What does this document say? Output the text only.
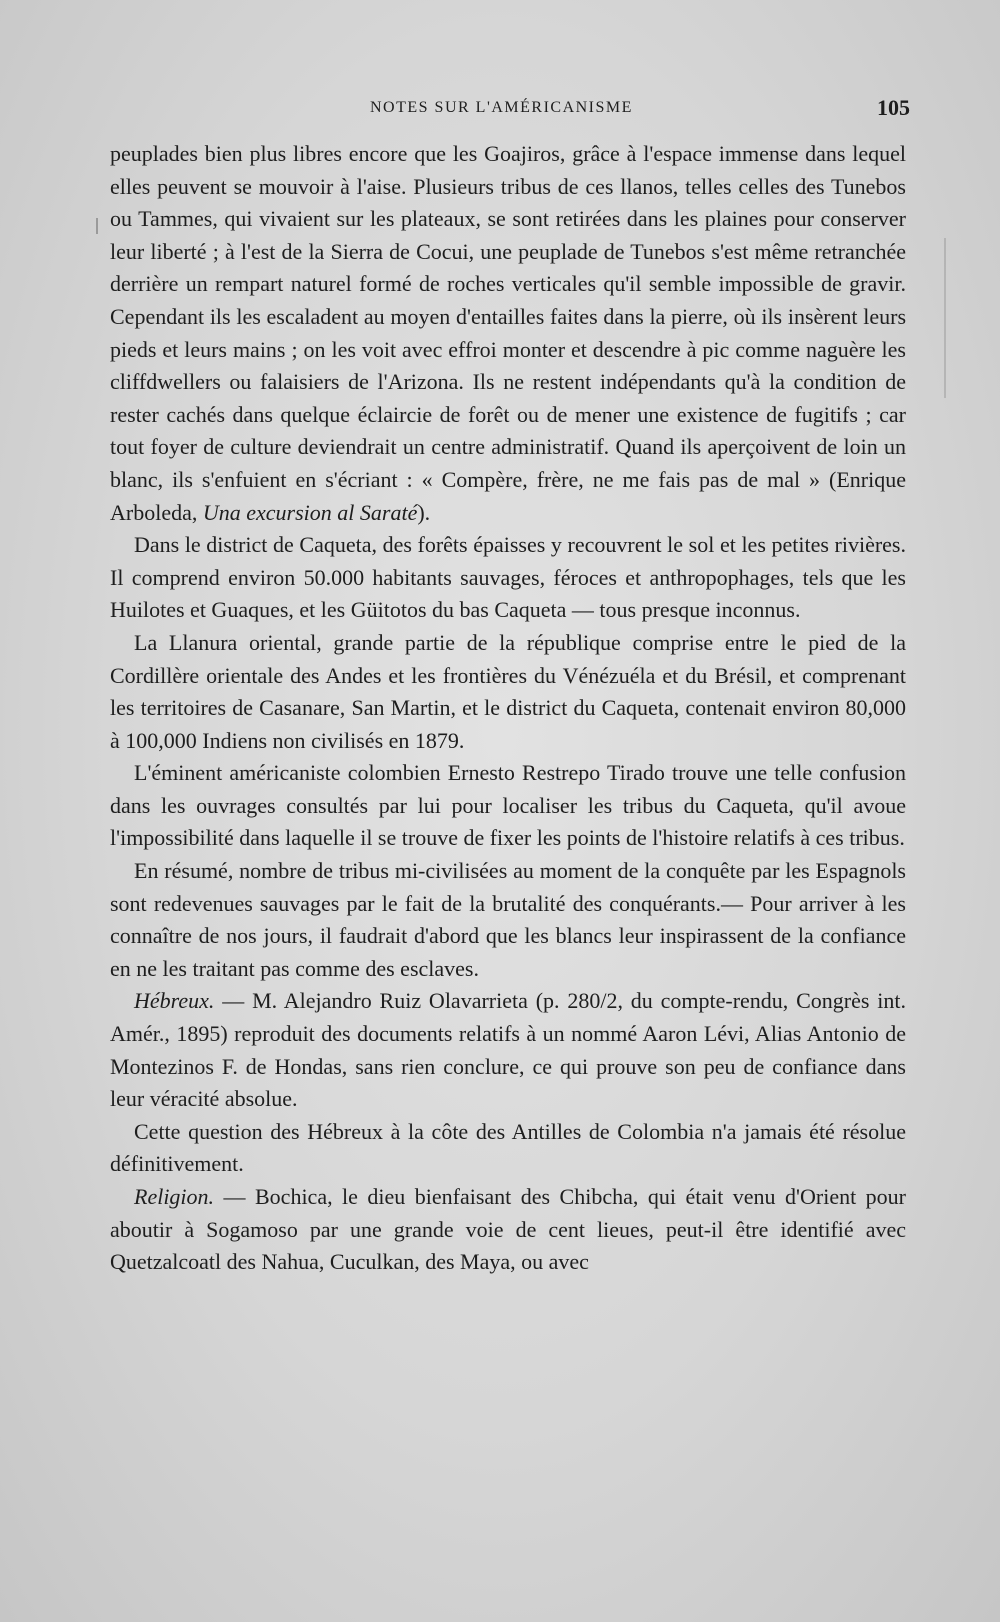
NOTES SUR L'AMÉRICANISME	105

peuplades bien plus libres encore que les Goajiros, grâce à l'espace immense dans lequel elles peuvent se mouvoir à l'aise. Plusieurs tribus de ces llanos, telles celles des Tunebos ou Tammes, qui vivaient sur les plateaux, se sont retirées dans les plaines pour conserver leur liberté ; à l'est de la Sierra de Cocui, une peuplade de Tunebos s'est même retranchée derrière un rempart naturel formé de roches verticales qu'il semble impossible de gravir. Cependant ils les escaladent au moyen d'entailles faites dans la pierre, où ils insèrent leurs pieds et leurs mains ; on les voit avec effroi monter et descendre à pic comme naguère les cliffdwellers ou falaisiers de l'Arizona. Ils ne restent indépendants qu'à la condition de rester cachés dans quelque éclaircie de forêt ou de mener une existence de fugitifs ; car tout foyer de culture deviendrait un centre administratif. Quand ils aperçoivent de loin un blanc, ils s'enfuient en s'écriant : « Compère, frère, ne me fais pas de mal » (Enrique Arboleda, Una excursion al Saraté).

Dans le district de Caqueta, des forêts épaisses y recouvrent le sol et les petites rivières. Il comprend environ 50.000 habitants sauvages, féroces et anthropophages, tels que les Huilotes et Guaques, et les Güitotos du bas Caqueta — tous presque inconnus.

La Llanura oriental, grande partie de la république comprise entre le pied de la Cordillère orientale des Andes et les frontières du Vénézuéla et du Brésil, et comprenant les territoires de Casanare, San Martin, et le district du Caqueta, contenait environ 80,000 à 100,000 Indiens non civilisés en 1879.

L'éminent américaniste colombien Ernesto Restrepo Tirado trouve une telle confusion dans les ouvrages consultés par lui pour localiser les tribus du Caqueta, qu'il avoue l'impossibilité dans laquelle il se trouve de fixer les points de l'histoire relatifs à ces tribus.

En résumé, nombre de tribus mi-civilisées au moment de la conquête par les Espagnols sont redevenues sauvages par le fait de la brutalité des conquérants.— Pour arriver à les connaître de nos jours, il faudrait d'abord que les blancs leur inspirassent de la confiance en ne les traitant pas comme des esclaves.

Hébreux. — M. Alejandro Ruiz Olavarrieta (p. 280/2, du compte-rendu, Congrès int. Amér., 1895) reproduit des documents relatifs à un nommé Aaron Lévi, Alias Antonio de Montezinos F. de Hondas, sans rien conclure, ce qui prouve son peu de confiance dans leur véracité absolue.

Cette question des Hébreux à la côte des Antilles de Colombia n'a jamais été résolue définitivement.

Religion. — Bochica, le dieu bienfaisant des Chibcha, qui était venu d'Orient pour aboutir à Sogamoso par une grande voie de cent lieues, peut-il être identifié avec Quetzalcoatl des Nahua, Cuculkan, des Maya, ou avec
